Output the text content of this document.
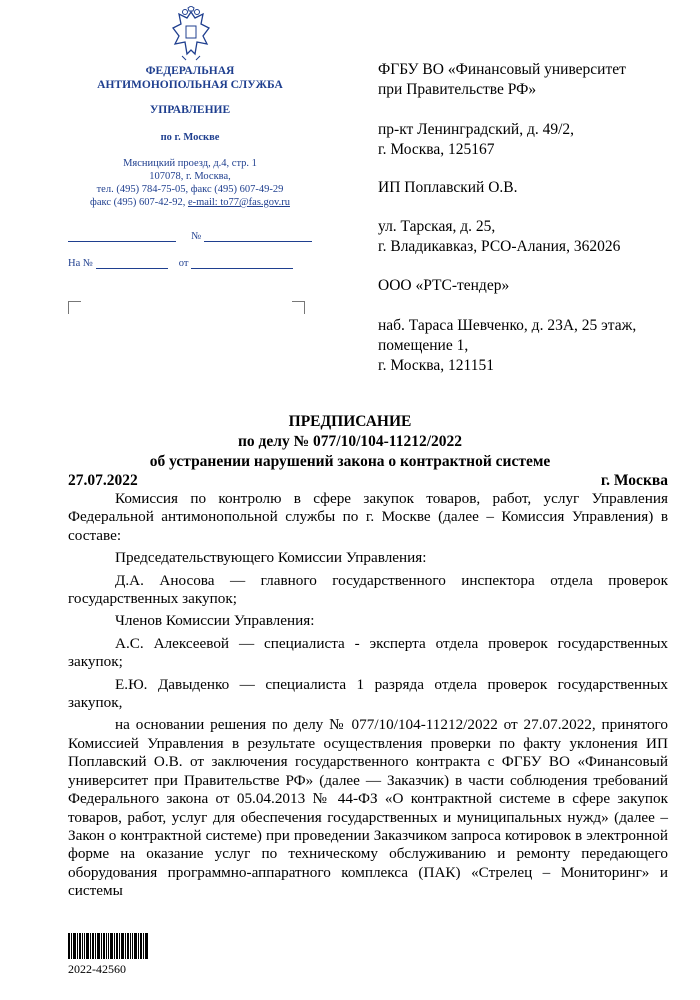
ФЕДЕРАЛЬНАЯ
АНТИМОНОПОЛЬНАЯ СЛУЖБА
УПРАВЛЕНИЕ
по г. Москве
Мясницкий проезд, д.4, стр. 1
107078, г. Москва,
тел. (495) 784-75-05, факс (495) 607-49-29
факс (495) 607-42-92, e-mail: to77@fas.gov.ru
№
На №	от

ФГБУ ВО «Финансовый университет

при Правительстве РФ»

пр-кт Ленинградский, д. 49/2,

г. Москва, 125167

ИП Поплавский О.В.

ул. Тарская, д. 25,

г. Владикавказ, РСО-Алания, 362026

ООО «РТС-тендер»

наб. Тараса Шевченко, д. 23А, 25 этаж,

помещение 1,

г. Москва, 121151

ПРЕДПИСАНИЕ
по делу № 077/10/104-11212/2022
об устранении нарушений закона о контрактной системе
27.07.2022	г. Москва

Комиссия по контролю в сфере закупок товаров, работ, услуг Управления Федеральной антимонопольной службы по г. Москве (далее – Комиссия Управления) в составе:

Председательствующего Комиссии Управления:

Д.А. Аносова — главного государственного инспектора отдела проверок государственных закупок;

Членов Комиссии Управления:

А.С. Алексеевой — специалиста - эксперта отдела проверок государственных закупок;

Е.Ю. Давыденко — специалиста 1 разряда отдела проверок государственных закупок,

на основании решения по делу № 077/10/104-11212/2022 от 27.07.2022, принятого Комиссией Управления в результате осуществления проверки по факту уклонения ИП Поплавский О.В. от заключения государственного контракта с ФГБУ ВО «Финансовый университет при Правительстве РФ» (далее — Заказчик) в части соблюдения требований Федерального закона от 05.04.2013 № 44-ФЗ «О контрактной системе в сфере закупок товаров, работ, услуг для обеспечения государственных и муниципальных нужд» (далее – Закон о контрактной системе) при проведении Заказчиком запроса котировок в электронной форме на оказание услуг по техническому обслуживанию и ремонту передающего оборудования программно-аппаратного комплекса (ПАК) «Стрелец – Мониторинг» и системы

2022-42560
